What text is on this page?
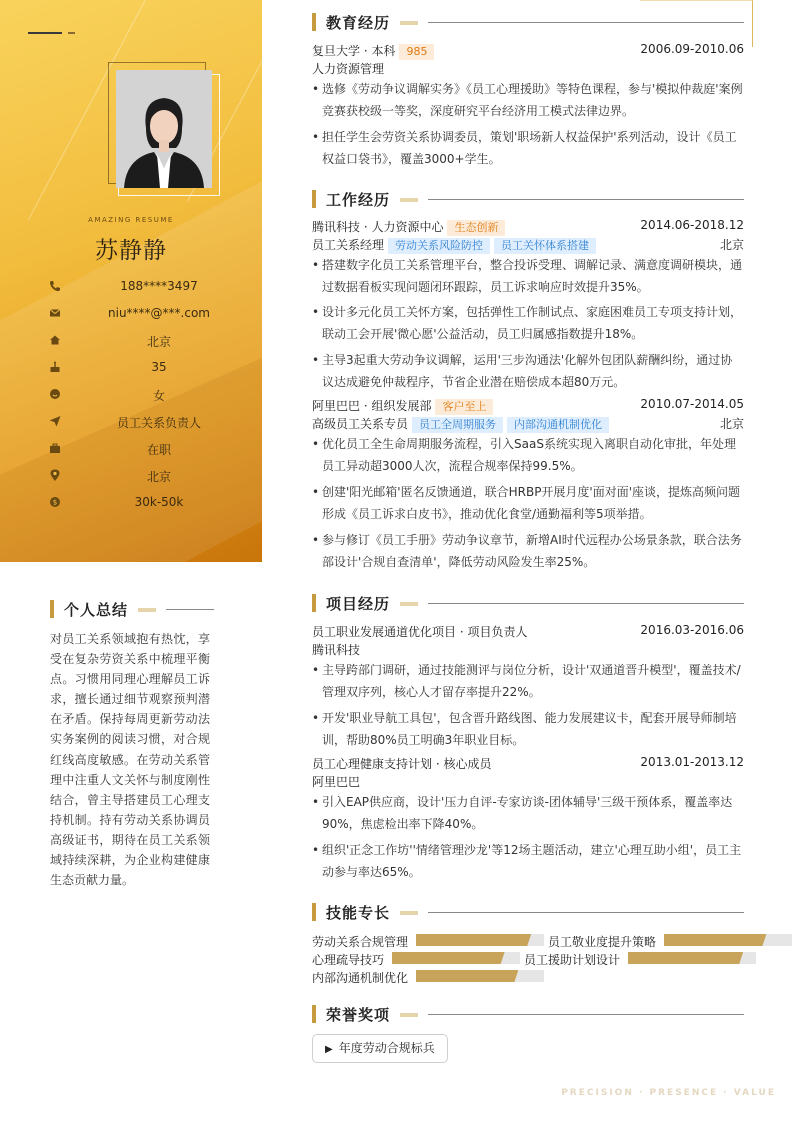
AMAZING RESUME
苏静静
188****3497
niu****@***.com
北京
35
女
员工关系负责人
在职
北京
$	30k-50k
个人总结
对员工关系领域抱有热忱，享受在复杂劳资关系中梳理平衡点。习惯用同理心理解员工诉求，擅长通过细节观察预判潜在矛盾。保持每周更新劳动法实务案例的阅读习惯，对合规红线高度敏感。在劳动关系管理中注重人文关怀与制度刚性结合，曾主导搭建员工心理支持机制。持有劳动关系协调员高级证书，期待在员工关系领域持续深耕，为企业构建健康生态贡献力量。
教育经历
复旦大学 · 本科 985	2006.09-2010.06
人力资源管理
• 选修《劳动争议调解实务》《员工心理援助》等特色课程，参与'模拟仲裁庭'案例竞赛获校级一等奖，深度研究平台经济用工模式法律边界。
• 担任学生会劳资关系协调委员，策划'职场新人权益保护'系列活动，设计《员工权益口袋书》，覆盖3000+学生。
工作经历
腾讯科技 · 人力资源中心 生态创新	2014.06-2018.12
员工关系经理 劳动关系风险防控 员工关怀体系搭建	北京
• 搭建数字化员工关系管理平台，整合投诉受理、调解记录、满意度调研模块，通过数据看板实现问题闭环跟踪，员工诉求响应时效提升35%。
• 设计多元化员工关怀方案，包括弹性工作制试点、家庭困难员工专项支持计划，联动工会开展'微心愿'公益活动，员工归属感指数提升18%。
• 主导3起重大劳动争议调解，运用'三步沟通法'化解外包团队薪酬纠纷，通过协议达成避免仲裁程序，节省企业潜在赔偿成本超80万元。
阿里巴巴 · 组织发展部 客户至上	2010.07-2014.05
高级员工关系专员 员工全周期服务 内部沟通机制优化	北京
• 优化员工全生命周期服务流程，引入SaaS系统实现入离职自动化审批，年处理员工异动超3000人次，流程合规率保持99.5%。
• 创建'阳光邮箱'匿名反馈通道，联合HRBP开展月度'面对面'座谈，提炼高频问题形成《员工诉求白皮书》，推动优化食堂/通勤福利等5项举措。
• 参与修订《员工手册》劳动争议章节，新增AI时代远程办公场景条款，联合法务部设计'合规自查清单'，降低劳动风险发生率25%。
项目经历
员工职业发展通道优化项目 · 项目负责人	2016.03-2016.06
腾讯科技
• 主导跨部门调研，通过技能测评与岗位分析，设计'双通道晋升模型'，覆盖技术/管理双序列，核心人才留存率提升22%。
• 开发'职业导航工具包'，包含晋升路线图、能力发展建议卡，配套开展导师制培训，帮助80%员工明确3年职业目标。
员工心理健康支持计划 · 核心成员	2013.01-2013.12
阿里巴巴
• 引入EAP供应商，设计'压力自评-专家访谈-团体辅导'三级干预体系，覆盖率达90%，焦虑检出率下降40%。
• 组织'正念工作坊''情绪管理沙龙'等12场主题活动，建立'心理互助小组'，员工主动参与率达65%。
技能专长
劳动关系合规管理	员工敬业度提升策略
心理疏导技巧	员工援助计划设计
内部沟通机制优化
荣誉奖项
▶ 年度劳动合规标兵
PRECISION · PRESENCE · VALUE
